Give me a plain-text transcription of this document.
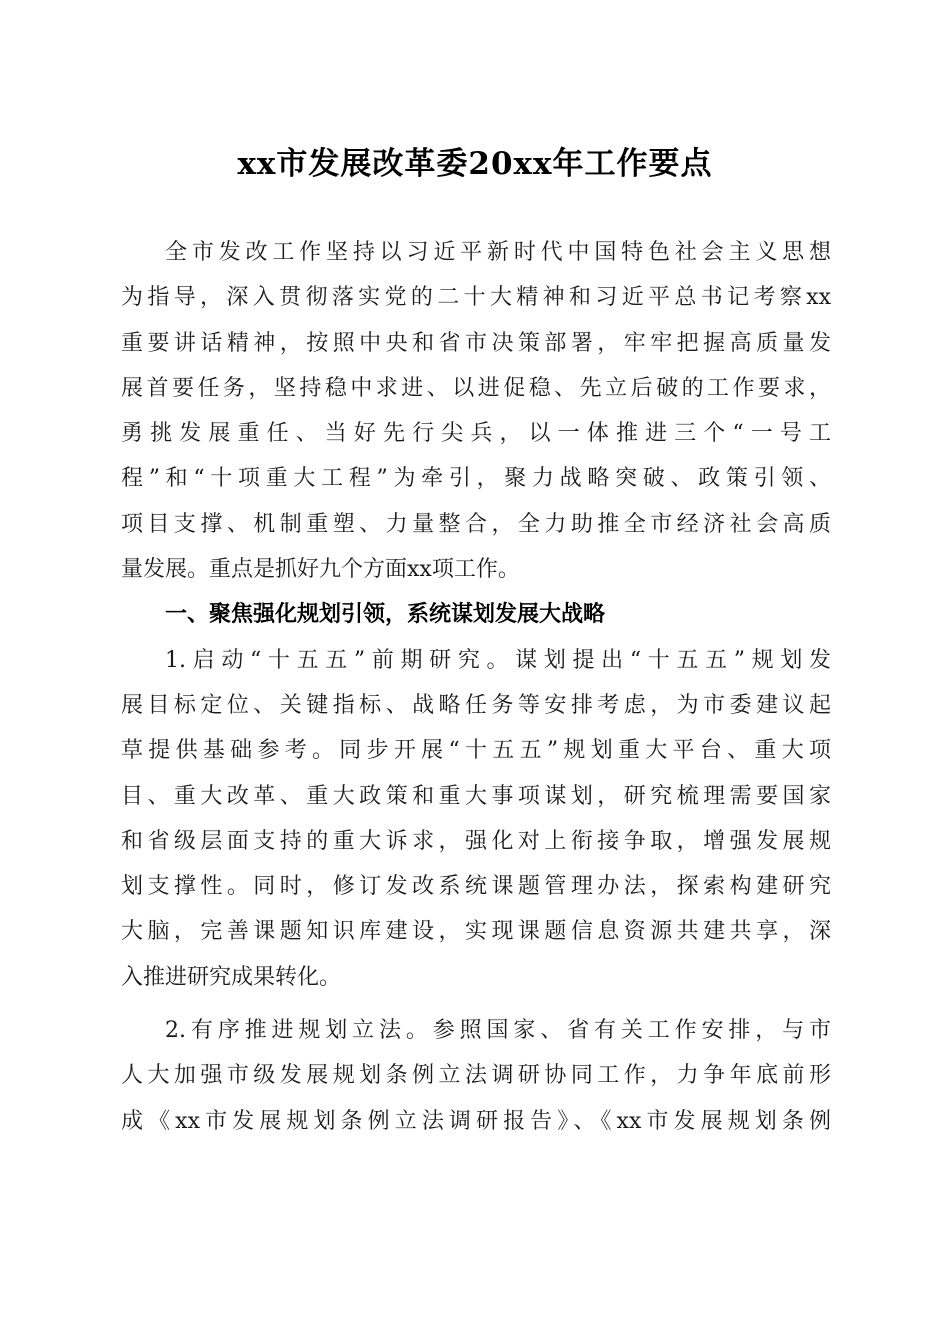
xx市发展改革委20xx年工作要点
全市发改工作坚持以习近平新时代中国特色社会主义思想
为指导，深入贯彻落实党的二十大精神和习近平总书记考察xx
重要讲话精神，按照中央和省市决策部署，牢牢把握高质量发
展首要任务，坚持稳中求进、以进促稳、先立后破的工作要求，
勇挑发展重任、当好先行尖兵，以一体推进三个“一号工
程”和“十项重大工程”为牵引，聚力战略突破、政策引领、
项目支撑、机制重塑、力量整合，全力助推全市经济社会高质
量发展。重点是抓好九个方面xx项工作。
一、聚焦强化规划引领，系统谋划发展大战略
1.启动“十五五”前期研究。谋划提出“十五五”规划发
展目标定位、关键指标、战略任务等安排考虑，为市委建议起
草提供基础参考。同步开展“十五五”规划重大平台、重大项
目、重大改革、重大政策和重大事项谋划，研究梳理需要国家
和省级层面支持的重大诉求，强化对上衔接争取，增强发展规
划支撑性。同时，修订发改系统课题管理办法，探索构建研究
大脑，完善课题知识库建设，实现课题信息资源共建共享，深
入推进研究成果转化。
2.有序推进规划立法。参照国家、省有关工作安排，与市
人大加强市级发展规划条例立法调研协同工作，力争年底前形
成《xx市发展规划条例立法调研报告》、《xx市发展规划条例
